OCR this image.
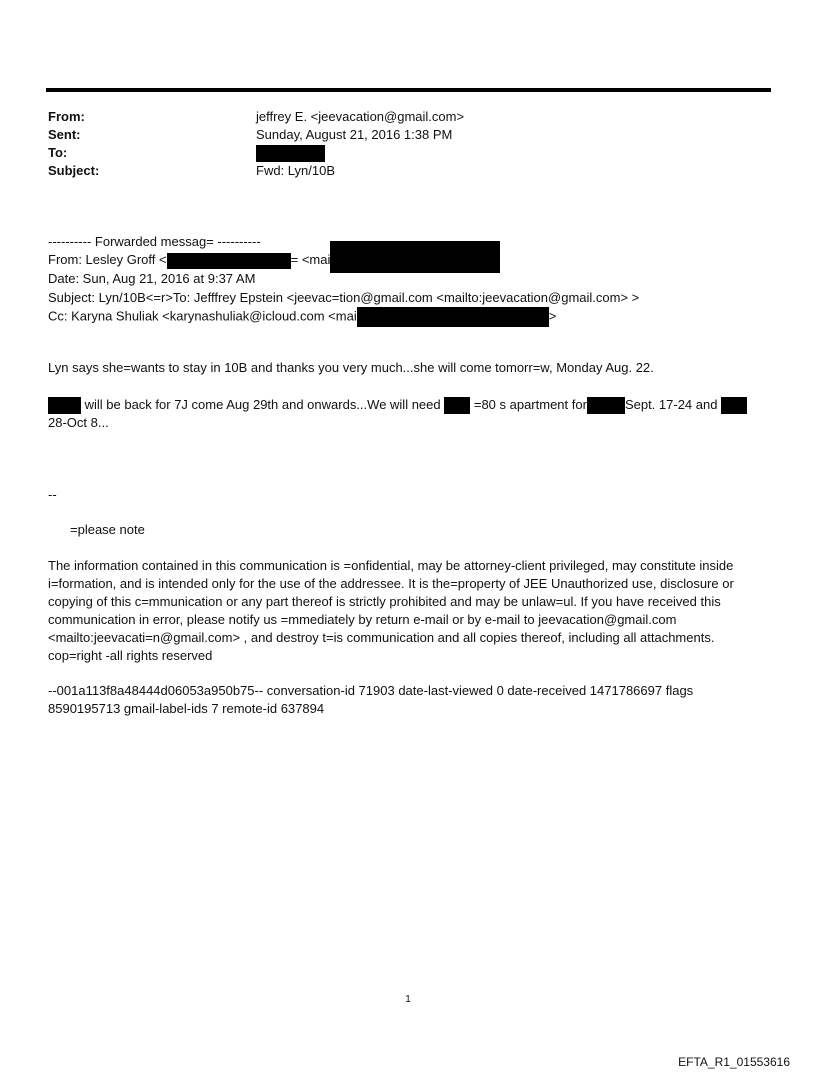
From:	jeffrey E. <jeevacation@gmail.com>
Sent:	Sunday, August 21, 2016 1:38 PM
To:
Subject:	Fwd: Lyn/10B
---------- Forwarded messag= ----------
From: Lesley Groff <	= <mai
Date: Sun, Aug 21, 2016 at 9:37 AM
Subject: Lyn/10B<=r>To: Jefffrey Epstein <jeevac=tion@gmail.com <mailto:jeevacation@gmail.com> >
Cc: Karyna Shuliak <karynashuliak@icloud.com <mai	>
Lyn says she=wants to stay in 10B and thanks you very much...she will come tomorr=w, Monday Aug. 22.
will be back for 7J come Aug 29th and onwards...We will need  =80 s apartment for	Sept. 17-24 and
28-Oct 8...
--
=please note
The information contained in this communication is =onfidential, may be attorney-client privileged, may constitute inside i=formation, and is intended only for the use of the addressee. It is the=property of JEE Unauthorized use, disclosure or copying of this c=mmunication or any part thereof is strictly prohibited and may be unlaw=ul. If you have received this communication in error, please notify us =mmediately by return e-mail or by e-mail to jeevacation@gmail.com <mailto:jeevacati=n@gmail.com> , and destroy t=is communication and all copies thereof, including all attachments. cop=right -all rights reserved
--001a113f8a48444d06053a950b75-- conversation-id 71903 date-last-viewed 0 date-received 1471786697 flags 8590195713 gmail-label-ids 7 remote-id 637894
1
EFTA_R1_01553616
